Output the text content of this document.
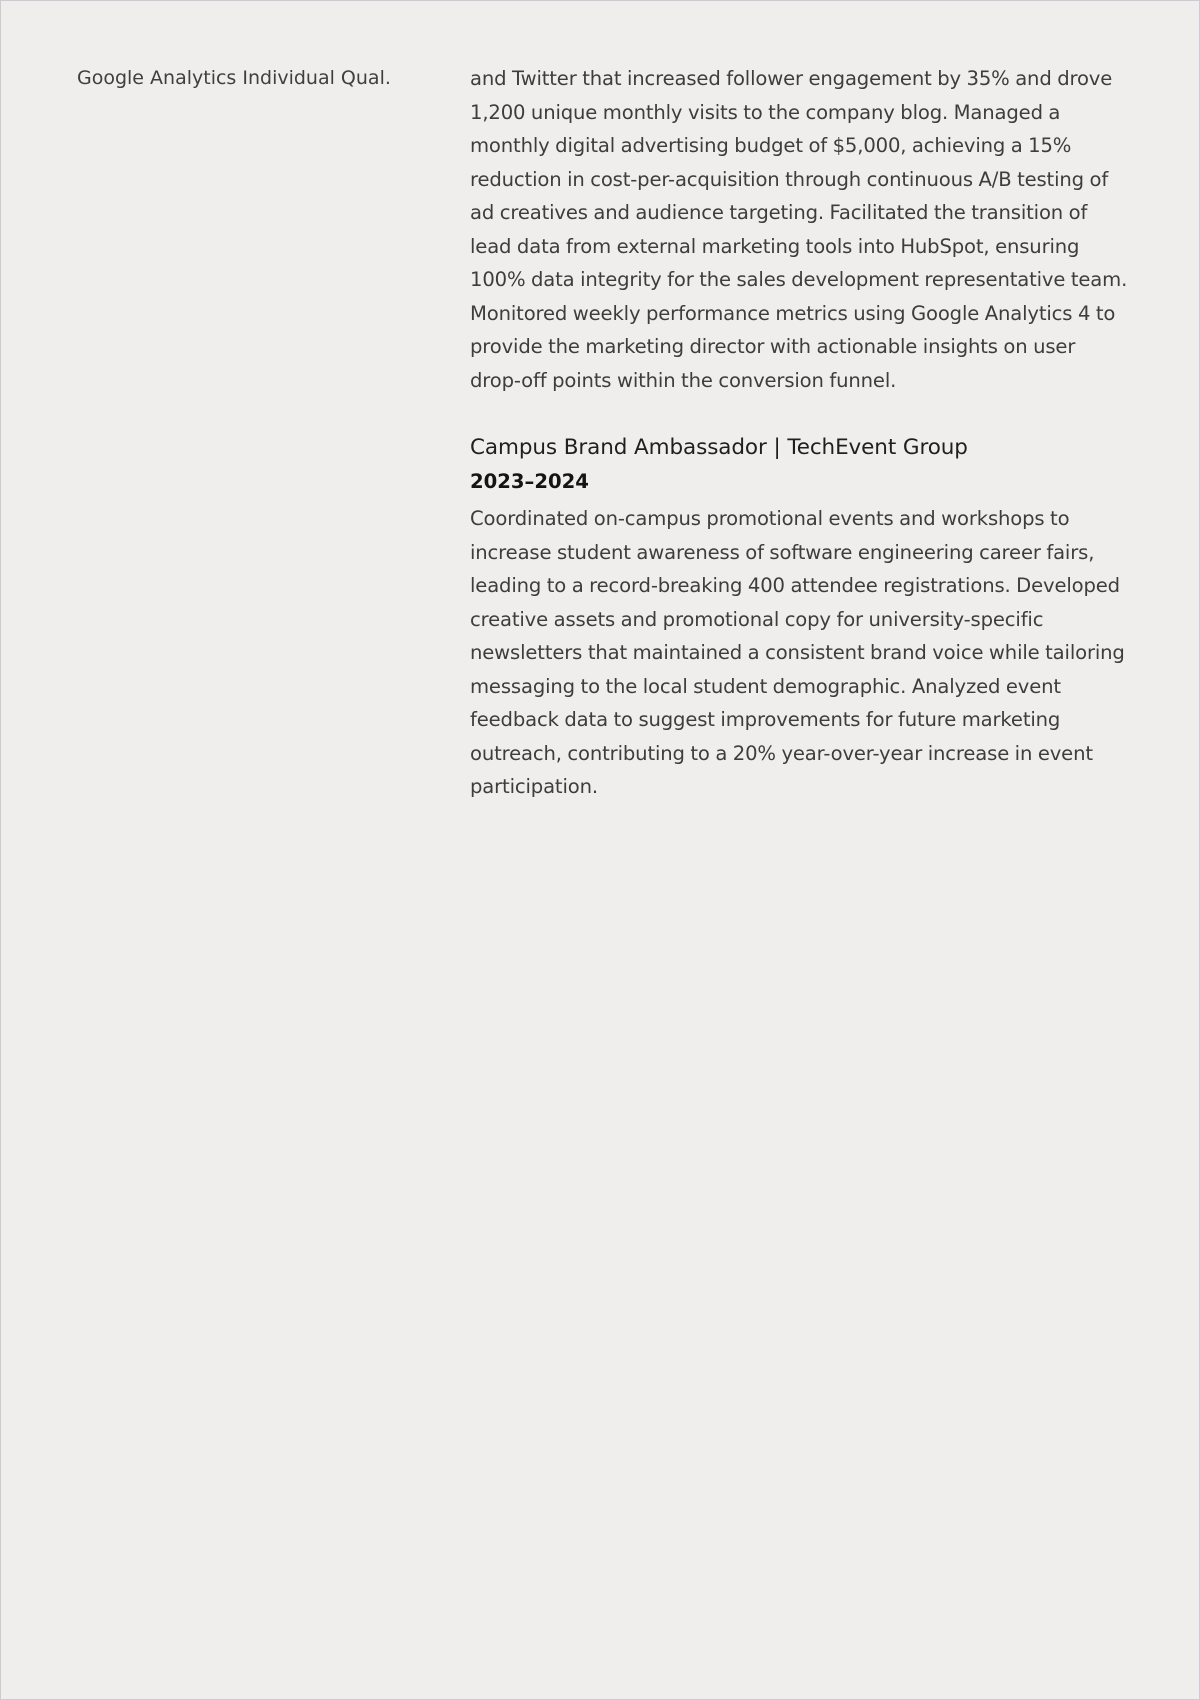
Google Analytics Individual Qual.	and Twitter that increased follower engagement by 35% and drove 1,200 unique monthly visits to the company blog. Managed a monthly digital advertising budget of $5,000, achieving a 15% reduction in cost-per-acquisition through continuous A/B testing of ad creatives and audience targeting. Facilitated the transition of lead data from external marketing tools into HubSpot, ensuring 100% data integrity for the sales development representative team. Monitored weekly performance metrics using Google Analytics 4 to provide the marketing director with actionable insights on user drop-off points within the conversion funnel.

Campus Brand Ambassador | TechEvent Group
2023–2024

Coordinated on-campus promotional events and workshops to increase student awareness of software engineering career fairs, leading to a record-breaking 400 attendee registrations. Developed creative assets and promotional copy for university-specific newsletters that maintained a consistent brand voice while tailoring messaging to the local student demographic. Analyzed event feedback data to suggest improvements for future marketing outreach, contributing to a 20% year-over-year increase in event participation.
